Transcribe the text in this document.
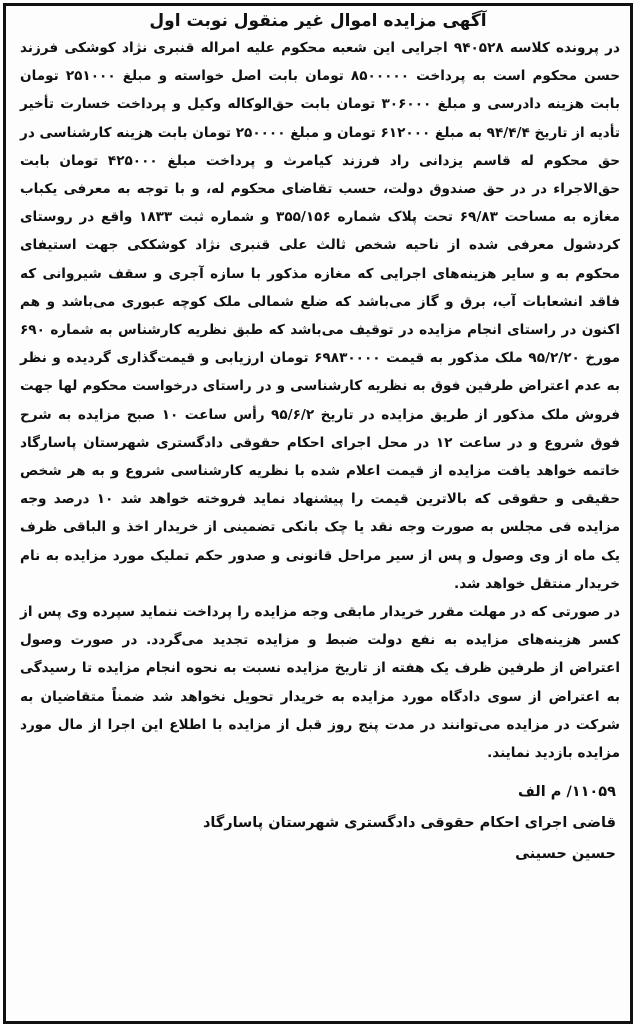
آگهی مزایده اموال غیر منقول نوبت اول

در پرونده کلاسه ۹۴۰۵۲۸ اجرایی این شعبه محکوم علیه امراله قنبری نژاد کوشکی فرزند حسن محکوم است به پرداخت ۸۵۰۰۰۰۰ تومان بابت اصل خواسته و مبلغ ۲۵۱۰۰۰ تومان بابت هزینه دادرسی و مبلغ ۳۰۶۰۰۰ تومان بابت حق‌الوکاله وکیل و پرداخت خسارت تأخیر تأدیه از تاریخ ۹۴/۴/۴ به مبلغ ۶۱۲۰۰۰ تومان و مبلغ ۲۵۰۰۰۰ تومان بابت هزینه کارشناسی در حق محکوم له قاسم یزدانی راد فرزند کیامرث و پرداخت مبلغ ۴۲۵۰۰۰ تومان بابت حق‌الاجراء در در حق صندوق دولت، حسب تقاضای محکوم له، و با توجه به معرفی یکباب مغازه به مساحت ۶۹/۸۳ تحت پلاک شماره ۳۵۵/۱۵۶ و شماره ثبت ۱۸۳۳ واقع در روستای کردشول معرفی شده از ناحیه شخص ثالث علی قنبری نژاد کوشککی جهت استیفای محکوم به و سایر هزینه‌های اجرایی که مغازه مذکور با سازه آجری و سقف شیروانی که فاقد انشعابات آب، برق و گاز می‌باشد که ضلع شمالی ملک کوچه عبوری می‌باشد و هم اکنون در راستای انجام مزایده در توقیف می‌باشد که طبق نظریه کارشناس به شماره ۶۹۰ مورخ ۹۵/۲/۲۰ ملک مذکور به قیمت ۶۹۸۳۰۰۰۰ تومان ارزیابی و قیمت‌گذاری گردیده و نظر به عدم اعتراض طرفین فوق به نظریه کارشناسی و در راستای درخواست محکوم لها جهت فروش ملک مذکور از طریق مزایده در تاریخ ۹۵/۶/۲ رأس ساعت ۱۰ صبح مزایده به شرح فوق شروع و در ساعت ۱۲ در محل اجرای احکام حقوقی دادگستری شهرستان پاسارگاد خاتمه خواهد یافت مزایده از قیمت اعلام شده با نظریه کارشناسی شروع و به هر شخص حقیقی و حقوقی که بالاترین قیمت را پیشنهاد نماید فروخته خواهد شد ۱۰ درصد وجه مزایده فی مجلس به صورت وجه نقد یا چک بانکی تضمینی از خریدار اخذ و الباقی ظرف یک ماه از وی وصول و پس از سیر مراحل قانونی و صدور حکم تملیک مورد مزایده به نام خریدار منتقل خواهد شد.

در صورتی که در مهلت مقرر خریدار مابقی وجه مزایده را پرداخت ننماید سپرده وی پس از کسر هزینه‌های مزایده به نفع دولت ضبط و مزایده تجدید می‌گردد. در صورت وصول اعتراض از طرفین ظرف یک هفته از تاریخ مزایده نسبت به نحوه انجام مزایده تا رسیدگی به اعتراض از سوی دادگاه مورد مزایده به خریدار تحویل نخواهد شد ضمناً متقاضیان به شرکت در مزایده می‌توانند در مدت پنج روز قبل از مزایده با اطلاع این اجرا از مال مورد مزایده بازدید نمایند.

۱۱۰۵۹/ م الف
قاضی اجرای احکام حقوقی دادگستری شهرستان پاسارگاد
حسین حسینی
